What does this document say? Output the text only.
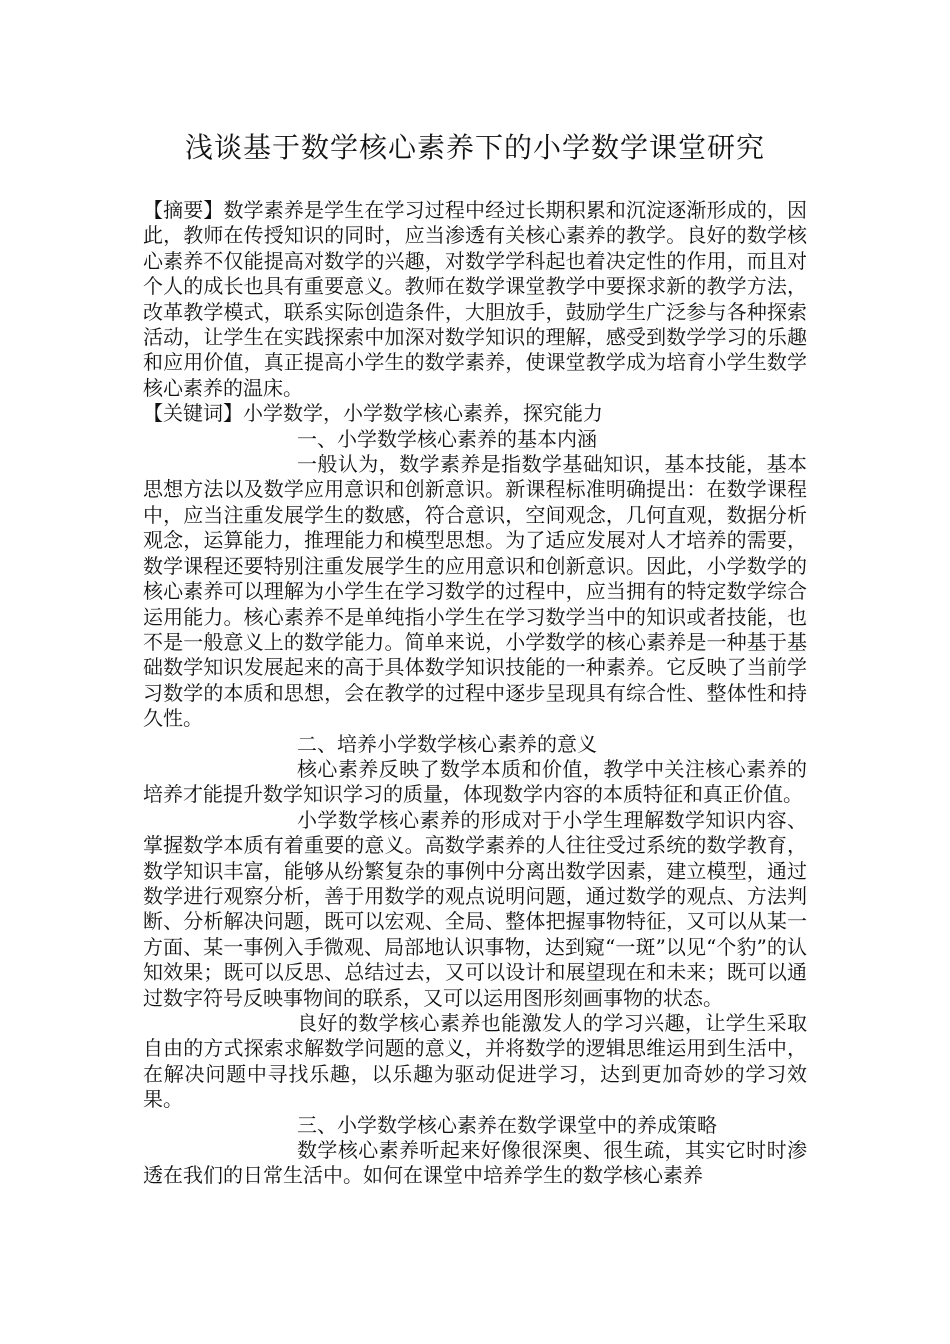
浅谈基于数学核心素养下的小学数学课堂研究

【摘要】数学素养是学生在学习过程中经过长期积累和沉淀逐渐形成的，因此，教师在传授知识的同时，应当渗透有关核心素养的教学。良好的数学核心素养不仅能提高对数学的兴趣，对数学学科起也着决定性的作用，而且对个人的成长也具有重要意义。教师在数学课堂教学中要探求新的教学方法，改革教学模式，联系实际创造条件，大胆放手，鼓励学生广泛参与各种探索活动，让学生在实践探索中加深对数学知识的理解，感受到数学学习的乐趣和应用价值，真正提高小学生的数学素养，使课堂教学成为培育小学生数学核心素养的温床。

【关键词】小学数学，小学数学核心素养，探究能力

一、小学数学核心素养的基本内涵

一般认为，数学素养是指数学基础知识，基本技能，基本思想方法以及数学应用意识和创新意识。新课程标准明确提出：在数学课程中，应当注重发展学生的数感，符合意识，空间观念，几何直观，数据分析观念，运算能力，推理能力和模型思想。为了适应发展对人才培养的需要，数学课程还要特别注重发展学生的应用意识和创新意识。因此，小学数学的核心素养可以理解为小学生在学习数学的过程中，应当拥有的特定数学综合运用能力。核心素养不是单纯指小学生在学习数学当中的知识或者技能，也不是一般意义上的数学能力。简单来说，小学数学的核心素养是一种基于基础数学知识发展起来的高于具体数学知识技能的一种素养。它反映了当前学习数学的本质和思想，会在教学的过程中逐步呈现具有综合性、整体性和持久性。

二、培养小学数学核心素养的意义

核心素养反映了数学本质和价值，教学中关注核心素养的培养才能提升数学知识学习的质量，体现数学内容的本质特征和真正价值。

小学数学核心素养的形成对于小学生理解数学知识内容、掌握数学本质有着重要的意义。高数学素养的人往往受过系统的数学教育，数学知识丰富，能够从纷繁复杂的事例中分离出数学因素，建立模型，通过数学进行观察分析，善于用数学的观点说明问题，通过数学的观点、方法判断、分析解决问题，既可以宏观、全局、整体把握事物特征，又可以从某一方面、某一事例入手微观、局部地认识事物，达到窥“一斑”以见“个豹”的认知效果；既可以反思、总结过去，又可以设计和展望现在和未来；既可以通过数字符号反映事物间的联系，又可以运用图形刻画事物的状态。

良好的数学核心素养也能激发人的学习兴趣，让学生采取自由的方式探索求解数学问题的意义，并将数学的逻辑思维运用到生活中，在解决问题中寻找乐趣，以乐趣为驱动促进学习，达到更加奇妙的学习效果。

三、小学数学核心素养在数学课堂中的养成策略

数学核心素养听起来好像很深奥、很生疏，其实它时时渗透在我们的日常生活中。如何在课堂中培养学生的数学核心素养
